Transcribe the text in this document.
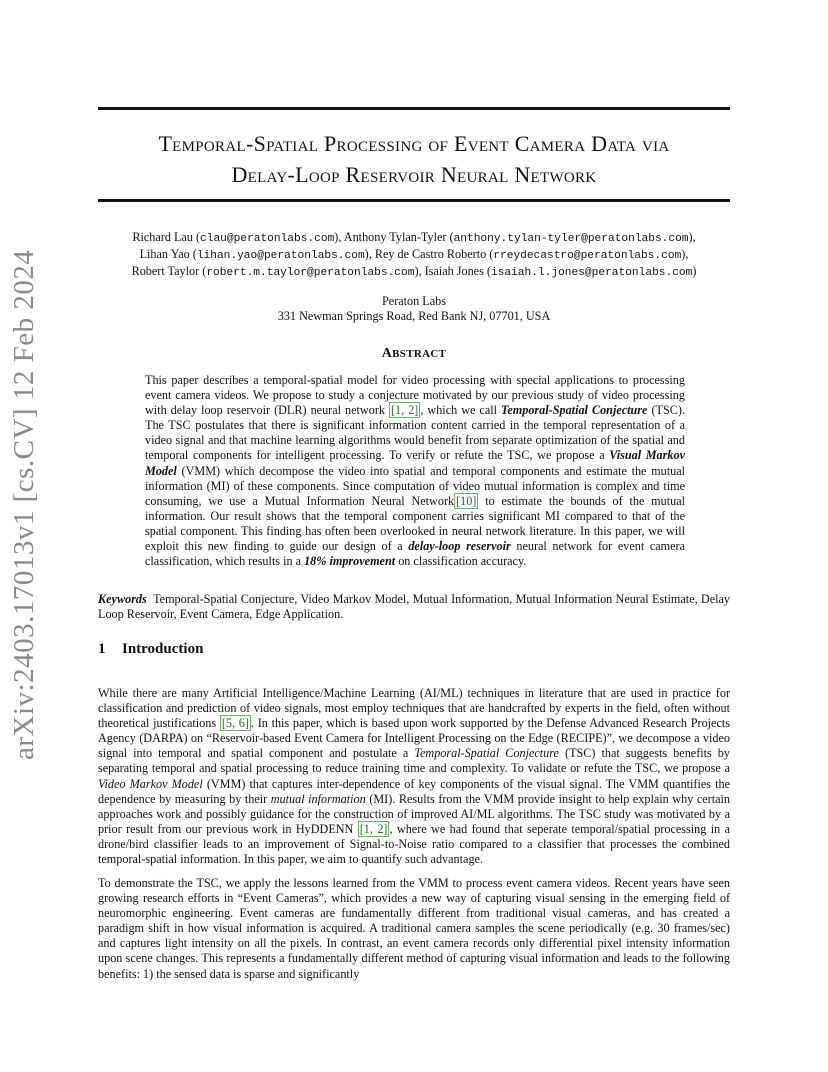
arXiv:2403.17013v1 [cs.CV] 12 Feb 2024
Temporal-Spatial Processing of Event Camera Data via
Delay-Loop Reservoir Neural Network
Richard Lau (clau@peratonlabs.com), Anthony Tylan-Tyler (anthony.tylan-tyler@peratonlabs.com),
Lihan Yao (lihan.yao@peratonlabs.com), Rey de Castro Roberto (rreydecastro@peratonlabs.com),
Robert Taylor (robert.m.taylor@peratonlabs.com), Isaiah Jones (isaiah.l.jones@peratonlabs.com)
Peraton Labs
331 Newman Springs Road, Red Bank NJ, 07701, USA
ABSTRACT
This paper describes a temporal-spatial model for video processing with special applications to processing event camera videos. We propose to study a conjecture motivated by our previous study of video processing with delay loop reservoir (DLR) neural network [1, 2] , which we call Temporal-Spatial Conjecture (TSC). The TSC postulates that there is significant information content carried in the temporal representation of a video signal and that machine learning algorithms would benefit from separate optimization of the spatial and temporal components for intelligent processing. To verify or refute the TSC, we propose a Visual Markov Model (VMM) which decompose the video into spatial and temporal components and estimate the mutual information (MI) of these components. Since computation of video mutual information is complex and time consuming, we use a Mutual Information Neural Network [10] to estimate the bounds of the mutual information. Our result shows that the temporal component carries significant MI compared to that of the spatial component. This finding has often been overlooked in neural network literature. In this paper, we will exploit this new finding to guide our design of a delay-loop reservoir neural network for event camera classification, which results in a 18% improvement on classification accuracy.
Keywords Temporal-Spatial Conjecture, Video Markov Model, Mutual Information, Mutual Information Neural Estimate, Delay Loop Reservoir, Event Camera, Edge Application.
1 Introduction
While there are many Artificial Intelligence/Machine Learning (AI/ML) techniques in literature that are used in practice for classification and prediction of video signals, most employ techniques that are handcrafted by experts in the field, often without theoretical justifications [5, 6] . In this paper, which is based upon work supported by the Defense Advanced Research Projects Agency (DARPA) on “Reservoir-based Event Camera for Intelligent Processing on the Edge (RECIPE)”, we decompose a video signal into temporal and spatial component and postulate a Temporal-Spatial Conjecture (TSC) that suggests benefits by separating temporal and spatial processing to reduce training time and complexity. To validate or refute the TSC, we propose a Video Markov Model (VMM) that captures inter-dependence of key components of the visual signal. The VMM quantifies the dependence by measuring by their mutual information (MI). Results from the VMM provide insight to help explain why certain approaches work and possibly guidance for the construction of improved AI/ML algorithms. The TSC study was motivated by a prior result from our previous work in HyDDENN [1, 2] , where we had found that seperate temporal/spatial processing in a drone/bird classifier leads to an improvement of Signal-to-Noise ratio compared to a classifier that processes the combined temporal-spatial information. In this paper, we aim to quantify such advantage.
To demonstrate the TSC, we apply the lessons learned from the VMM to process event camera videos. Recent years have seen growing research efforts in “Event Cameras”, which provides a new way of capturing visual sensing in the emerging field of neuromorphic engineering. Event cameras are fundamentally different from traditional visual cameras, and has created a paradigm shift in how visual information is acquired. A traditional camera samples the scene periodically (e.g. 30 frames/sec) and captures light intensity on all the pixels. In contrast, an event camera records only differential pixel intensity information upon scene changes. This represents a fundamentally different method of capturing visual information and leads to the following benefits: 1) the sensed data is sparse and significantly
